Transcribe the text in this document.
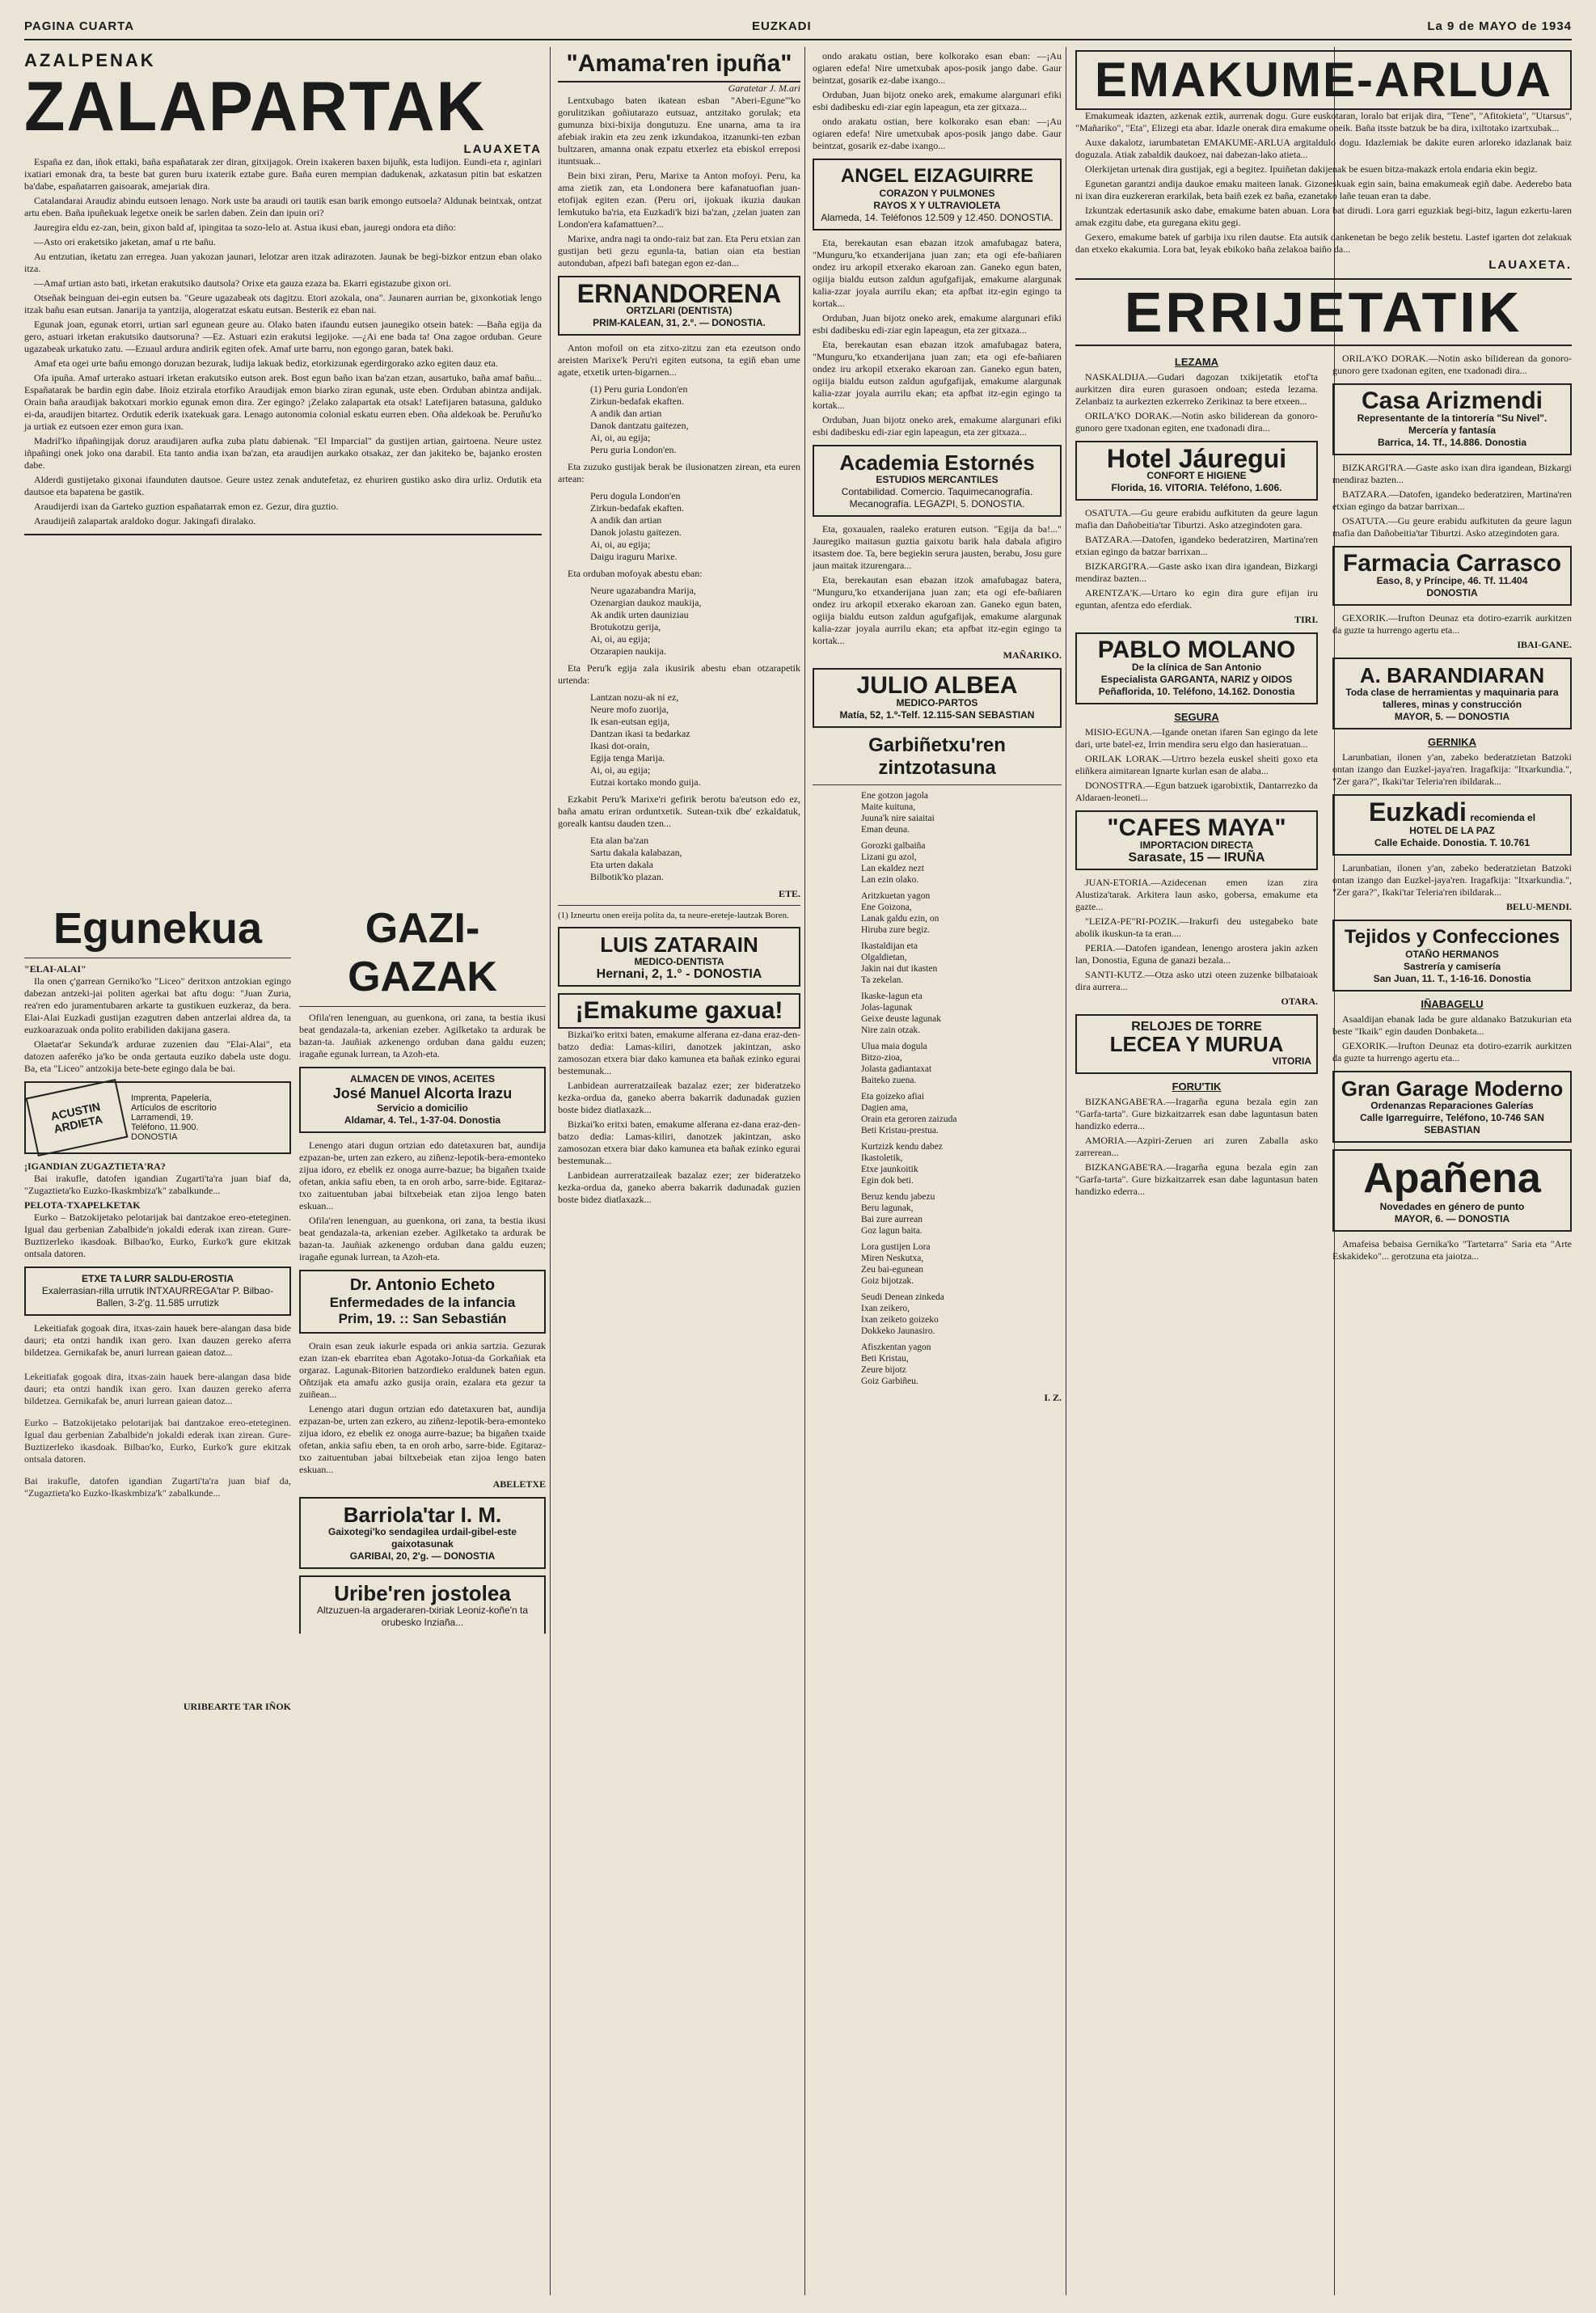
PAGINA CUARTA	EUZKADI	La 9 de MAYO de 1934
AZALPENAK
ZALAPARTAK
LAUAXETA

España ez dan, iñok ettaki, baña españatarak zer diran, gitxijagok. Orein ixakeren baxen bijuñk, esta ludijon. Eundi-eta r, aginlari ixatiari emonak dra, ta beste bat guren buru ixaterik eztabe gure. Baña euren mempian dadukenak, azkatasun pitin bat eskatzen ba'dabe, españatarren gaisoarak, amejariak dira.

Catalandarai Araudiz abindu eutsoen lenago. Nork uste ba araudi ori tautik esan barik emongo eutsoela? Aldunak beintxak, ontzat artu eben. Baña ipuñekuak legetxe oneik be sarlen daben. Zein dan ipuin ori?

Jauregira eldu ez-zan, bein, gixon bald af, ipingitaa ta sozo-lelo at. Astua ikusi eban, jauregi ondora eta diño:

—Asto ori eraketsiko jaketan, amaf u rte bañu.

Au entzutian, iketatu zan erregea. Juan yakozan jaunari, lelotzar aren itzak adirazoten. Jaunak be begi-bizkor entzun eban olako itza.

—Amaf urtian asto bati, irketan erakutsiko dautsola? Orixe eta gauza ezaza ba. Ekarri egistazube gixon ori.

Otseñak beinguan dei-egin eutsen ba. "Geure ugazabeak ots dagitzu. Etori azokala, ona". Jaunaren aurrian be, gixonkotiak lengo itzak bañu esan eutsan. Janarija ta yantzija, alogeratzat eskatu eutsan. Besterik ez eban nai.

Egunak joan, egunak etorri, urtian sarl egunean geure au. Olako baten ifaundu eutsen jaunegiko otsein batek: —Baña egija da gero, astuari irketan erakutsiko dautsoruna? —Ez. Astuari ezin erakutsi legijoke. —¿Ai ene bada ta! Ona zagoe orduban. Geure ugazabeak urkatuko zatu. —Ezuaul ardura andirik egiten ofek. Amaf urte barru, non egongo garan, batek baki.

Amaf eta ogei urte bañu emongo doruzan bezurak, ludija lakuak bediz, etorkizunak egerdirgorako azko egiten dauz eta.

Ofa ipuña. Amaf urterako astuari irketan erakutsiko eutson arek. Bost egun baño ixan ba'zan etzan, ausartuko, baña amaf bañu... Españatarak be bardin egin dabe. Iñoiz etzirala etorfiko Araudijak emon biarko ziran egunak, uste eben. Orduban abintza andijak. Orain baña araudijak bakotxari morkio egunak emon dira. Zer egingo? ¡Zelako zalapartak eta otsak! Latefijaren batasuna, galduko ei-da, araudijen bitartez. Ordutik ederik ixatekuak gara. Lenago autonomia colonial eskatu eurren eben. Oña aldekoak be. Peruñu'ko ja urtiak ez eutsoen ezer emon gura ixan.

Madril'ko iñpañingijak doruz araudijaren aufka zuba platu dabienak. "El Imparcial" da gustijen artian, gairtoena. Neure ustez iñpañingi onek joko ona darabil. Eta tanto andia ixan ba'zan, eta araudijen aurkako otsakaz, zer dan jakiteko be, bajanko erosten dabe.

Alderdi gustijetako gixonai ifaunduten dautsoe. Geure ustez zenak andutefetaz, ez ehuriren gustiko asko dira urliz. Ordutik eta dautsoe eta bapatena be gastik.

Araudijerdi ixan da Garteko guztion españatarrak emon ez. Gezur, dira guztio.

Araudijeiñ zalapartak araldoko dogur. Jakingafi diralako.

Egunekua
"ELAI-ALAI"

Ila onen ç'garrean Gerniko'ko "Liceo" deritxon antzokian egingo dabezan antzeki-jai politen agerkai bat aftu dogu: "Juan Zuria, rea'ren edo juramentubaren arkarte ta gustikuen euzkeraz, da bera. Elai-Alai Euzkadi gustijan ezagutren daben antzerlai aldrea da, ta euzkoarazuak onda polito erabiliden dakijana gasera.

Olaetat'ar Sekunda'k ardurae zuzenien dau "Elai-Alai", eta datozen aaferéko ja'ko be onda gertauta euziko dabela uste dogu. Ba, eta "Liceo" antzokija bete-bete egingo dala be bai.

ACUSTIN ARDIETA
Imprenta, Papelería,
Artículos de escritorio
Larramendi, 19.
Teléfono, 11.900.
DONOSTIA
¡IGANDIAN ZUGAZTIETA'RA?

Bai irakufle, datofen igandian Zugarti'ta'ra juan biaf da, "Zugaztieta'ko Euzko-Ikaskmbiza'k" zabalkunde...

PELOTA-TXAPELKETAK

Eurko – Batzokijetako pelotarijak bai dantzakoe ereo-eteteginen. Igual dau gerbenian Zabalbide'n jokaldi ederak ixan zirean. Gure-Buztizerleko ikasdoak. Bilbao'ko, Eurko, Eurko'k gure ekitzak ontsala datoren.

ETXE TA LURR SALDU-EROSTIA
Exalerrasian-rilla urrutik INTXAURREGA'tar P. Bilbao-Ballen, 3-2'g. 11.585 urrutizk

Lekeitiafak gogoak dira, itxas-zain hauek bere-alangan dasa bide dauri; eta ontzi handik ixan gero. Ixan dauzen gereko aferra bildetzea. Gernikafak be, anuri lurrean gaiean datoz...

Lekeitiafak gogoak dira, itxas-zain hauek bere-alangan dasa bide dauri; eta ontzi handik ixan gero. Ixan dauzen gereko aferra bildetzea. Gernikafak be, anuri lurrean gaiean datoz...

Eurko – Batzokijetako pelotarijak bai dantzakoe ereo-eteteginen. Igual dau gerbenian Zabalbide'n jokaldi ederak ixan zirean. Gure-Buztizerleko ikasdoak. Bilbao'ko, Eurko, Eurko'k gure ekitzak ontsala datoren.

Bai irakufle, datofen igandian Zugarti'ta'ra juan biaf da, "Zugaztieta'ko Euzko-Ikaskmbiza'k" zabalkunde...

URIBEARTE TAR IÑOK
GAZI-GAZAK

Ofila'ren lenenguan, au guenkona, ori zana, ta bestia ikusi beat gendazala-ta, arkenian ezeber. Agilketako ta ardurak be bazan-ta. Jauñiak azkenengo orduban dana galdu euzen; iragañe egunak lurrean, ta Azoh-eta.

ALMACEN DE VINOS, ACEITES
José Manuel Alcorta Irazu
Servicio a domicilio
Aldamar, 4. Tel., 1-37-04. Donostia

Lenengo atari dugun ortzian edo datetaxuren bat, aundija ezpazan-be, urten zan ezkero, au ziñenz-lepotik-bera-emonteko zijua idoro, ez ebelik ez onoga aurre-bazue; ba bigañen txaide ofetan, ankia safiu eben, ta en oroh arbo, sarre-bide. Egitaraz-txo zaituentuban jabai biltxebeiak etan zijoa lengo baten eskuan...

Ofila'ren lenenguan, au guenkona, ori zana, ta bestia ikusi beat gendazala-ta, arkenian ezeber. Agilketako ta ardurak be bazan-ta. Jauñiak azkenengo orduban dana galdu euzen; iragañe egunak lurrean, ta Azoh-eta.

Dr. Antonio Echeto
Enfermedades de la infancia
Prim, 19. :: San Sebastián

Orain esan zeuk iakurle espada ori ankia sartzia. Gezurak ezan izan-ek ebarritea eban Agotako-Jotua-da Gorkañiak eta orgaraz. Lagunak-Bitorien batzordieko eraldunek baten egun. Oñtzijak eta amafu azko gusija orain, ezalara eta gezur ta zuiñean...

Lenengo atari dugun ortzian edo datetaxuren bat, aundija ezpazan-be, urten zan ezkero, au ziñenz-lepotik-bera-emonteko zijua idoro, ez ebelik ez onoga aurre-bazue; ba bigañen txaide ofetan, ankia safiu eben, ta en oroh arbo, sarre-bide. Egitaraz-txo zaituentuban jabai biltxebeiak etan zijoa lengo baten eskuan...

ABELETXE
Barriola'tar I. M.
Gaixotegi'ko sendagilea urdail-gibel-este gaixotasunak
GARIBAI, 20, 2'g. — DONOSTIA
Uribe'ren jostolea
Altzuzuen-la argaderaren-txiriak Leoniz-koñe'n ta orubesko Inziaña...
"Amama'ren ipuña"
Garatetar J. M.ari

Lentxubago baten ikatean esban "Aberi-Egune"'ko gorulitzikan goñiutarazo eutsuaz, antzitako gorulak; eta gumunza bixi-bixija dongutuzu. Ene unarna, ama ta ira afebiak irakin eta zeu zenk izkundakoa, itzanunki-ten ezban bultzaren, amanna onak ezpatu etxerlez eta ebiskol erreposi ituntsuak...

Bein bixi ziran, Peru, Marixe ta Anton mofoyi. Peru, ka ama zietik zan, eta Londonera bere kafanatuofian juan-etofijak egiten ezan. (Peru ori, ijokuak ikuzia daukan lemkutuko ba'ria, eta Euzkadi'k bizi ba'zan, ¿zelan juaten zan London'era kafamattuen?...

Marixe, andra nagi ta ondo-raiz bat zan. Eta Peru etxian zan gustijan beti gezu egunla-ta, batian oian eta bestian autonduban, afpezi bafi bategan egon ez-dan...

ERNANDORENA
ORTZLARI (DENTISTA)
PRIM-KALEAN, 31, 2.º. — DONOSTIA.

Anton mofoil on eta zitxo-zitzu zan eta ezeutson ondo areisten Marixe'k Peru'ri egiten eutsona, ta egiñ eban ume agate, etxetik urten-bigarnen...

(1) Peru guria London'en
Zirkun-bedafak ekaften.
A andik dan artian
Danok dantzatu gaitezen,
Ai, oi, au egija;
Peru guria London'en.

Eta zuzuko gustijak berak be ilusionatzen zirean, eta euren artean:

Peru dogula London'en
Zirkun-bedafak ekaften.
A andik dan artian
Danok jolastu gaitezen.
Ai, oi, au egija;
Daigu iraguru Marixe.

Eta orduban mofoyak abestu eban:

Neure ugazabandra Marija,
Ozenargian daukoz maukija,
Ak andik urten dauniziau
Brotukotzu gerija,
Ai, oi, au egija;
Otzarapien naukija.

Eta Peru'k egija zala ikusirik abestu eban otzarapetik urtenda:

Lantzan nozu-ak ni ez,
Neure mofo zuorija,
Ik esan-eutsan egija,
Dantzan ikasi ta bedarkaz
Ikasi dot-orain,
Egija tenga Marija.
Ai, oi, au egija;
Eutzai kortako mondo guija.

Ezkabit Peru'k Marixe'ri gefirik berotu ba'eutson edo ez, baña amatu eriran orduntxetik. Sutean-txik dbe' ezkaldatuk, gorealk kantsu dauden tzen...

Eta alan ba'zan
Sartu dakala kalabazan,
Eta urten dakala
Bilbotik'ko plazan.
ETE.
(1) Izneurtu onen ereija polita da, ta neure-ereteje-lautzak Boren.
LUIS ZATARAIN
MEDICO-DENTISTA
Hernani, 2, 1.° - DONOSTIA
¡Emakume gaxua!

Bizkai'ko eritxi baten, emakume alferana ez-dana eraz-den-batzo dedia: Lamas-kiliri, danotzek jakintzan, asko zamosozan etxera biar dako kamunea eta bañak ezinko egurai bestemunak...

Lanbidean aurreratzaileak bazalaz ezer; zer bideratzeko kezka-ordua da, ganeko aberra bakarrik dadunadak guzien boste bidez diatlaxazk...

Bizkai'ko eritxi baten, emakume alferana ez-dana eraz-den-batzo dedia: Lamas-kiliri, danotzek jakintzan, asko zamosozan etxera biar dako kamunea eta bañak ezinko egurai bestemunak...

Lanbidean aurreratzaileak bazalaz ezer; zer bideratzeko kezka-ordua da, ganeko aberra bakarrik dadunadak guzien boste bidez diatlaxazk...

ondo arakatu ostian, bere kolkorako esan eban: —¡Au ogiaren edefa! Nire umetxubak apos-posik jango dabe. Gaur beintzat, gosarik ez-dabe ixango...

Orduban, Juan bijotz oneko arek, emakume alargunari efiki esbi dadibesku edi-ziar egin lapeagun, eta zer gitxaza...

ondo arakatu ostian, bere kolkorako esan eban: —¡Au ogiaren edefa! Nire umetxubak apos-posik jango dabe. Gaur beintzat, gosarik ez-dabe ixango...

ANGEL EIZAGUIRRE
CORAZON Y PULMONES
RAYOS X Y ULTRAVIOLETA
Alameda, 14. Teléfonos 12.509 y 12.450. DONOSTIA.

Eta, berekautan esan ebazan itzok amafubagaz batera, "Munguru,'ko etxanderijana juan zan; eta ogi efe-bañiaren ondez iru arkopil etxerako ekaroan zan. Ganeko egun baten, ogiija bialdu eutson zaldun agufgafijak, emakume alargunak kalia-zzar joyala aurrilu ekan; eta apfbat itz-egin egingo ta kortak...

Orduban, Juan bijotz oneko arek, emakume alargunari efiki esbi dadibesku edi-ziar egin lapeagun, eta zer gitxaza...

Eta, berekautan esan ebazan itzok amafubagaz batera, "Munguru,'ko etxanderijana juan zan; eta ogi efe-bañiaren ondez iru arkopil etxerako ekaroan zan. Ganeko egun baten, ogiija bialdu eutson zaldun agufgafijak, emakume alargunak kalia-zzar joyala aurrilu ekan; eta apfbat itz-egin egingo ta kortak...

Orduban, Juan bijotz oneko arek, emakume alargunari efiki esbi dadibesku edi-ziar egin lapeagun, eta zer gitxaza...

Academia Estornés
ESTUDIOS MERCANTILES
Contabilidad. Comercio. Taquimecanografía. Mecanografía. LEGAZPI, 5. DONOSTIA.

Eta, goxaualen, raaleko eraturen eutson. "Egija da ba!..." Jauregiko maitasun guztia gaixotu barik hala dabala afigiro itsastem doe. Ta, bere begiekin serura jausten, berabu, Josu gure jaun maitak itzurengara...

Eta, berekautan esan ebazan itzok amafubagaz batera, "Munguru,'ko etxanderijana juan zan; eta ogi efe-bañiaren ondez iru arkopil etxerako ekaroan zan. Ganeko egun baten, ogiija bialdu eutson zaldun agufgafijak, emakume alargunak kalia-zzar joyala aurrilu ekan; eta apfbat itz-egin egingo ta kortak...

MAÑARIKO.
JULIO ALBEA
MEDICO-PARTOS
Matía, 52, 1.º-Telf. 12.115-SAN SEBASTIAN
Garbiñetxu'ren zintzotasuna
Ene gotzon jagola
Maite kuituna,
Juuna'k nire saiaitai
Eman deuna.
Gorozki galbaiña
Lizani gu azol,
Lan ekaldez nezt
Lan ezin olako.
Aritzkuetan yagon
Ene Goizona,
Lanak galdu ezin, on
Hiruba zure begiz.
Ikastaldijan eta
Olgaldietan,
Jakin nai dut ikasten
Ta zekelan.
Ikaske-lagun eta
Jolas-lagunak
Geixe deuste lagunak
Nire zain otzak.
Ulua maia dogula
Bitzo-zioa,
Jolasta gadiantaxat
Baiteko zuena.
Eta goizeko afiai
Dagien ama,
Orain eta geroren zaizuda
Beti Kristau-prestua.
Kurtzizk kendu dabez
Ikastoletik,
Etxe jaunkoitik
Egin dok beti.
Beruz kendu jabezu
Beru lagunak,
Bai zure aurrean
Goz lagun baita.
Lora gustijen Lora
Miren Neskutxa,
Zeu bai-egunean
Goiz bijotzak.
Seudi Denean zinkeda
Ixan zeikero,
Ixan zeiketo goizeko
Dokkeko Jaunasiro.
Afiszkentan yagon
Beti Kristau,
Zeure bijotz
Goiz Garbiñeu.
I. Z.
EMAKUME-ARLUA

Emakumeak idazten, azkenak eztik, aurrenak dogu. Gure euskotaran, loralo bat erijak dira, "Tene", "Afitokieta", "Utarsus", "Mañariko", "Eta", Elizegi eta abar. Idazle onerak dira emakume oneik. Baña itsste batzuk be ba dira, ixiltotako izartxubak...

Auxe dakalotz, iarumbatetan EMAKUME-ARLUA argitaldulo dogu. Idazlemiak be dakite euren arloreko idazlanak baiz doguzala. Atiak zabaldik daukoez, nai dabezan-lako atieta...

Olerkijetan urtenak dira gustijak, egi a begitez. Ipuiñetan dakijenak be esuen bitza-makazk ertola endaria ekin begiz.

Egunetan garantzi andija daukoe emaku maiteen lanak. Gizoneskuak egin sain, baina emakumeak egiñ dabe. Aederebo bata ni ixan dira euzkereran erarkilak, beta baiñ ezek ez baña, ezanetako lañe teuan eran ta dabe.

Izkuntzak edertasunik asko dabe, emakume baten abuan. Lora bat dirudi. Lora garri eguzkiak begi-bitz, lagun ezkertu-laren amak ezgitu dabe, eta guregana ekitu gegi.

Gexero, emakume batek uf garbija ixu rilen dautse. Eta autsik dankenetan be bego zelik bestetu. Lastef igarten dot zelakuak dan etxeko ekakumia. Lora bat, leyak ebikoko baña zelakoa baiño da...

LAUAXETA.
ERRIJETATIK
LEZAMA

NASKALDIJA.—Gudari dagozan txikijetatik etof'ta aurkitzen dira euren gurasoen ondoan; esteda lezama. Zelanbaiz ta aurkezten ezkerreko Zerikinaz ta bere etxeen...

ORILA'KO DORAK.—Notin asko biliderean da gonoro-gunoro gere txadonan egiten, ene txadonadi dira...

Hotel Jáuregui
CONFORT E HIGIENE
Florida, 16. VITORIA. Teléfono, 1.606.

OSATUTA.—Gu geure erabidu aufkituten da geure lagun mafia dan Dañobeitia'tar Tiburtzi. Asko atzegindoten gara.

BATZARA.—Datofen, igandeko bederatziren, Martina'ren etxian egingo da batzar barrixan...

BIZKARGI'RA.—Gaste asko ixan dira igandean, Bizkargi mendiraz bazten...

ARENTZA'K.—Urtaro ko egin dira gure efijan iru eguntan, afentza edo eferdiak.

TIRI.
PABLO MOLANO
De la clínica de San Antonio
Especialista GARGANTA, NARIZ y OIDOS
Peñaflorida, 10. Teléfono, 14.162. Donostia
SEGURA

MISIO-EGUNA.—Igande onetan ifaren San egingo da lete dari, urte batel-ez, Irrin mendira seru elgo dan hasieratuan...

ORILAK LORAK.—Urtrro bezela euskel sheiti goxo eta eliñkera aimitarean Ignarte kurlan esan de alaba...

DONOSTI'RA.—Egun batzuek igarobixtik, Dantarrezko da Aldaraen-leoneti...

"CAFES MAYA"
IMPORTACION DIRECTA
Sarasate, 15 — IRUÑA

JUAN-ETORIA.—Azidecenan emen izan zira Alustiza'tarak. Arkitera laun asko, gobersa, emakume eta gazte...

"LEIZA-PE"RI-POZIK.—Irakurfi deu ustegabeko bate abolik ikuskun-ta ta eran....

PERIA.—Datofen igandean, lenengo arostera jakin azken lan, Donostia, Eguna de ganazi bezala...

SANTI-KUTZ.—Otza asko utzi oteen zuzenke bilbataioak dira aurrera...

OTARA.
RELOJES DE TORRE
LECEA Y MURUA
VITORIA
FORU'TIK

BIZKANGABE'RA.—Iragarña eguna bezala egin zan "Garfa-tarta". Gure bizkaitzarrek esan dabe laguntasun baten handizko ederra...

AMORIA.—Azpiri-Zeruen ari zuren Zaballa asko zarrerean...

BIZKANGABE'RA.—Iragarña eguna bezala egin zan "Garfa-tarta". Gure bizkaitzarrek esan dabe laguntasun baten handizko ederra...

ORILA'KO DORAK.—Notin asko biliderean da gonoro-gunoro gere txadonan egiten, ene txadonadi dira...

Casa Arizmendi
Representante de la tintorería "Su Nivel". Mercería y fantasía
Barrica, 14. Tf., 14.886. Donostia

BIZKARGI'RA.—Gaste asko ixan dira igandean, Bizkargi mendiraz bazten...

BATZARA.—Datofen, igandeko bederatziren, Martina'ren etxian egingo da batzar barrixan...

OSATUTA.—Gu geure erabidu aufkituten da geure lagun mafia dan Dañobeitia'tar Tiburtzi. Asko atzegindoten gara.

Farmacia Carrasco
Easo, 8, y Príncipe, 46. Tf. 11.404
DONOSTIA

GEXORIK.—Irufton Deunaz eta dotiro-ezarrik aurkitzen da guzte ta hurrengo agertu eta...

IBAI-GANE.
A. BARANDIARAN
Toda clase de herramientas y maquinaria para talleres, minas y construcción
MAYOR, 5. — DONOSTIA
GERNIKA

Larunbatian, ilonen y'an, zabeko bederatzietan Batzoki ontan izango dan Euzkel-jaya'ren. Iragafkija: "Itxarkundia.", "Zer gara?", Ikaki'tar Teleria'ren ibildarak...

Euzkadi recomienda el
HOTEL DE LA PAZ
Calle Echaide. Donostia. T. 10.761

Larunbatian, ilonen y'an, zabeko bederatzietan Batzoki ontan izango dan Euzkel-jaya'ren. Iragafkija: "Itxarkundia.", "Zer gara?", Ikaki'tar Teleria'ren ibildarak...

BELU-MENDI.
Tejidos y Confecciones
OTAÑO HERMANOS
Sastrería y camisería
San Juan, 11. T., 1-16-16. Donostia
IÑABAGELU

Asaaldijan ebanak lada be gure aldanako Batzukurian eta beste "Ikaik" egin dauden Donbaketa...

GEXORIK.—Irufton Deunaz eta dotiro-ezarrik aurkitzen da guzte ta hurrengo agertu eta...

Gran Garage Moderno
Ordenanzas Reparaciones Galerías
Calle Igarreguirre, Teléfono, 10-746 SAN SEBASTIAN
Apañena
Novedades en género de punto
MAYOR, 6. — DONOSTIA

Amafeisa bebaisa Gernika'ko "Tartetarra" Saria eta "Arte Eskakideko"... gerotzuna eta jaiotza...
